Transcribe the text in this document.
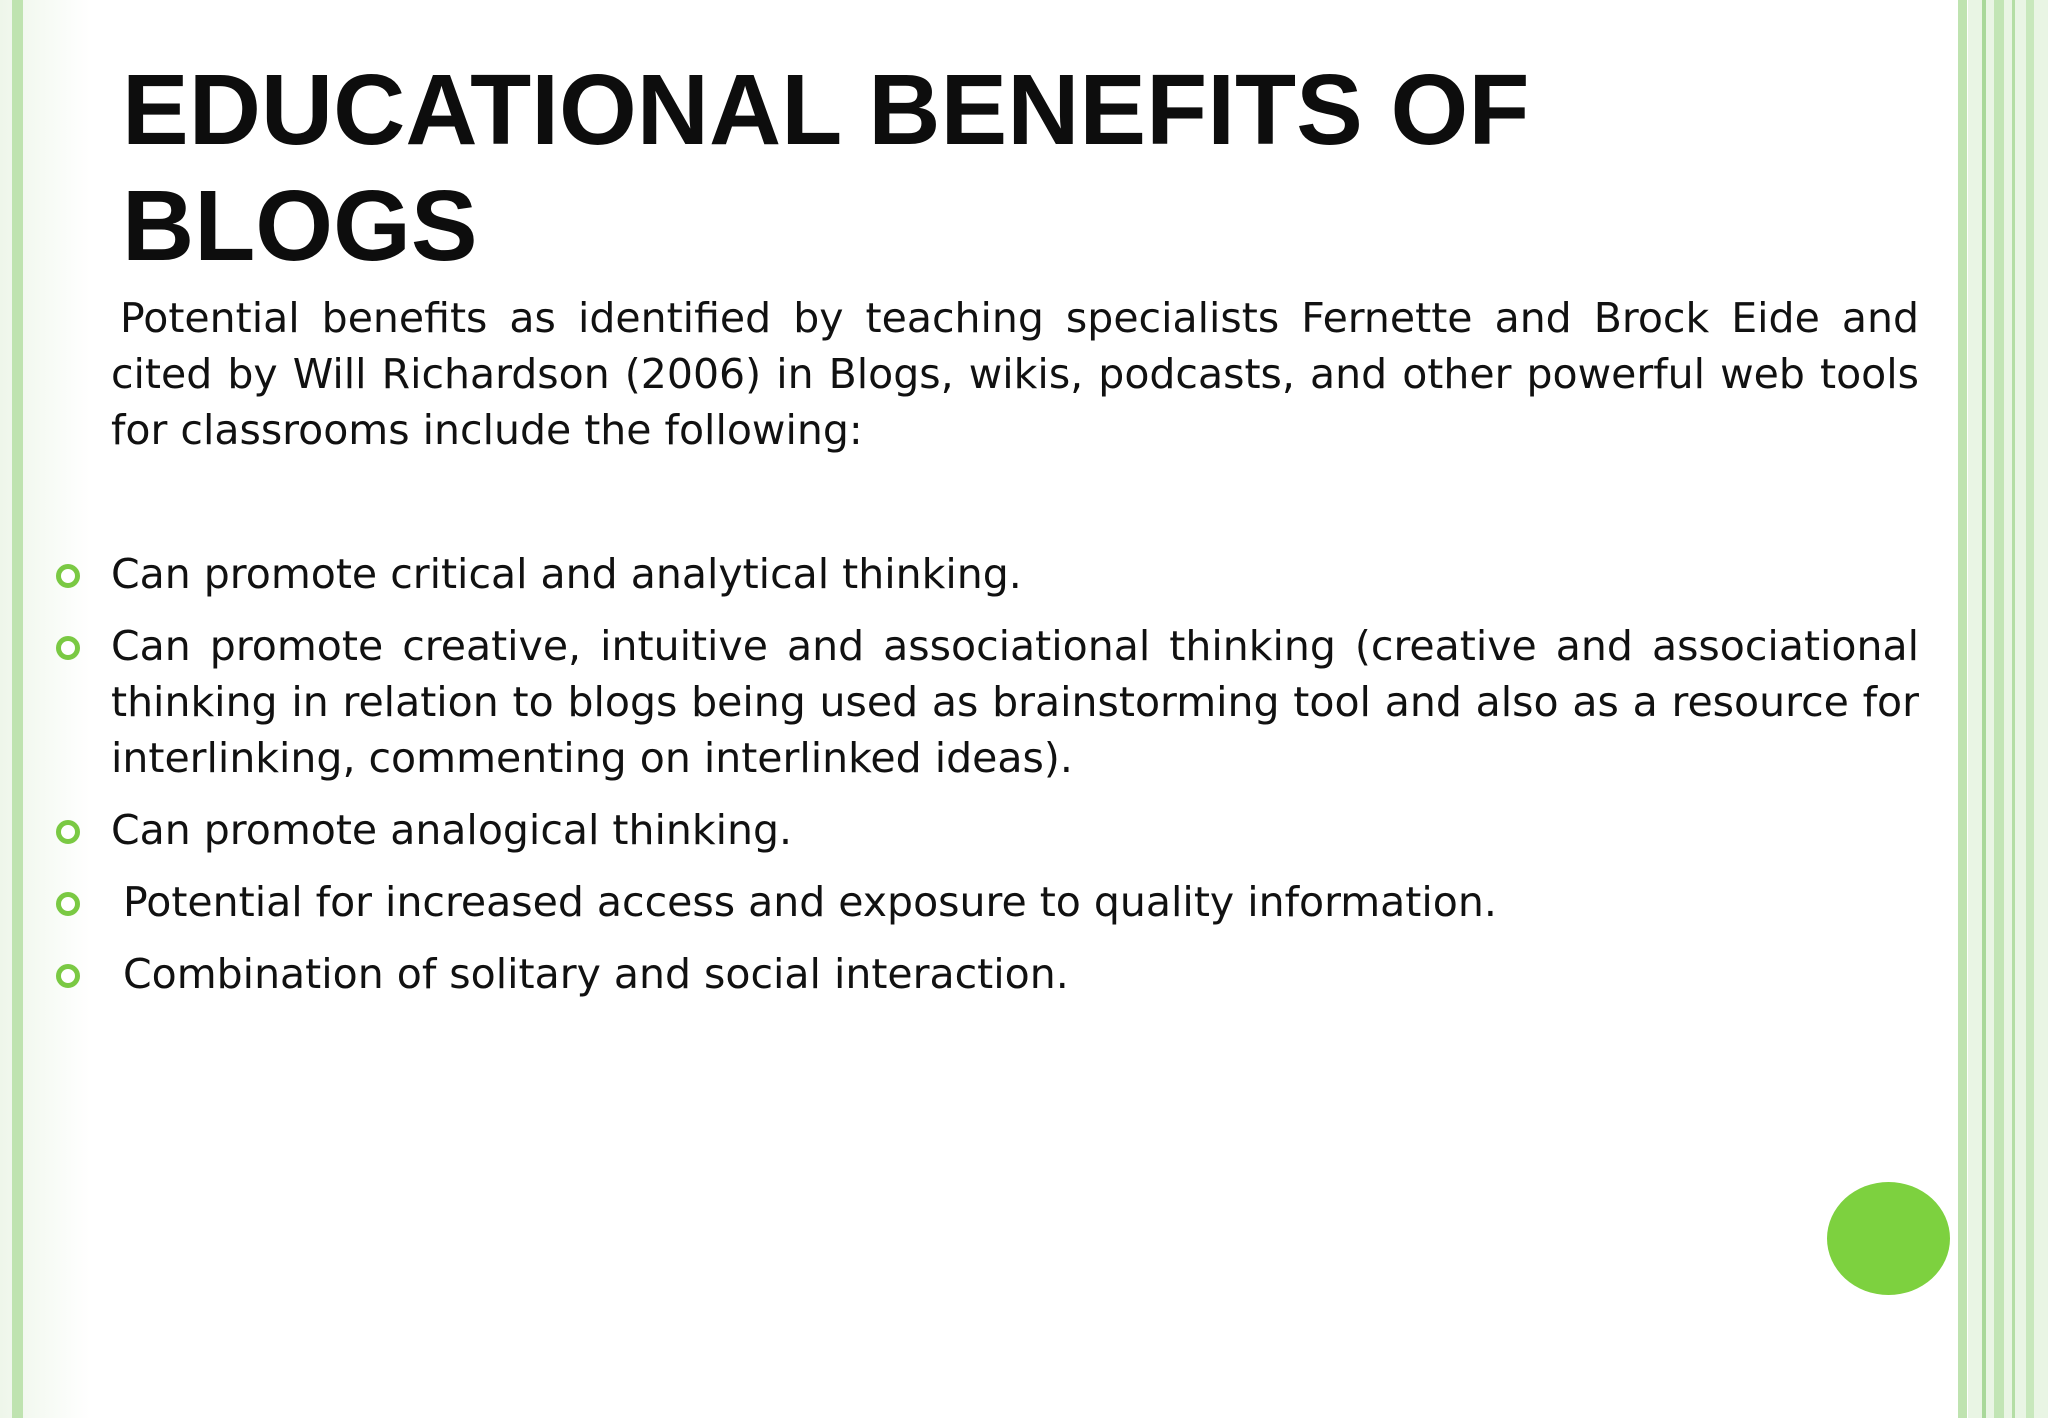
EDUCATIONAL BENEFITS OF BLOGS

Potential benefits as identified by teaching specialists Fernette and Brock Eide and cited by Will Richardson (2006) in Blogs, wikis, podcasts, and other powerful web tools for classrooms include the following:

Can promote critical and analytical thinking.
Can promote creative, intuitive and associational thinking (creative and associational thinking in relation to blogs being used as brainstorming tool and also as a resource for interlinking, commenting on interlinked ideas).
Can promote analogical thinking.
Potential for increased access and exposure to quality information.
Combination of solitary and social interaction.
